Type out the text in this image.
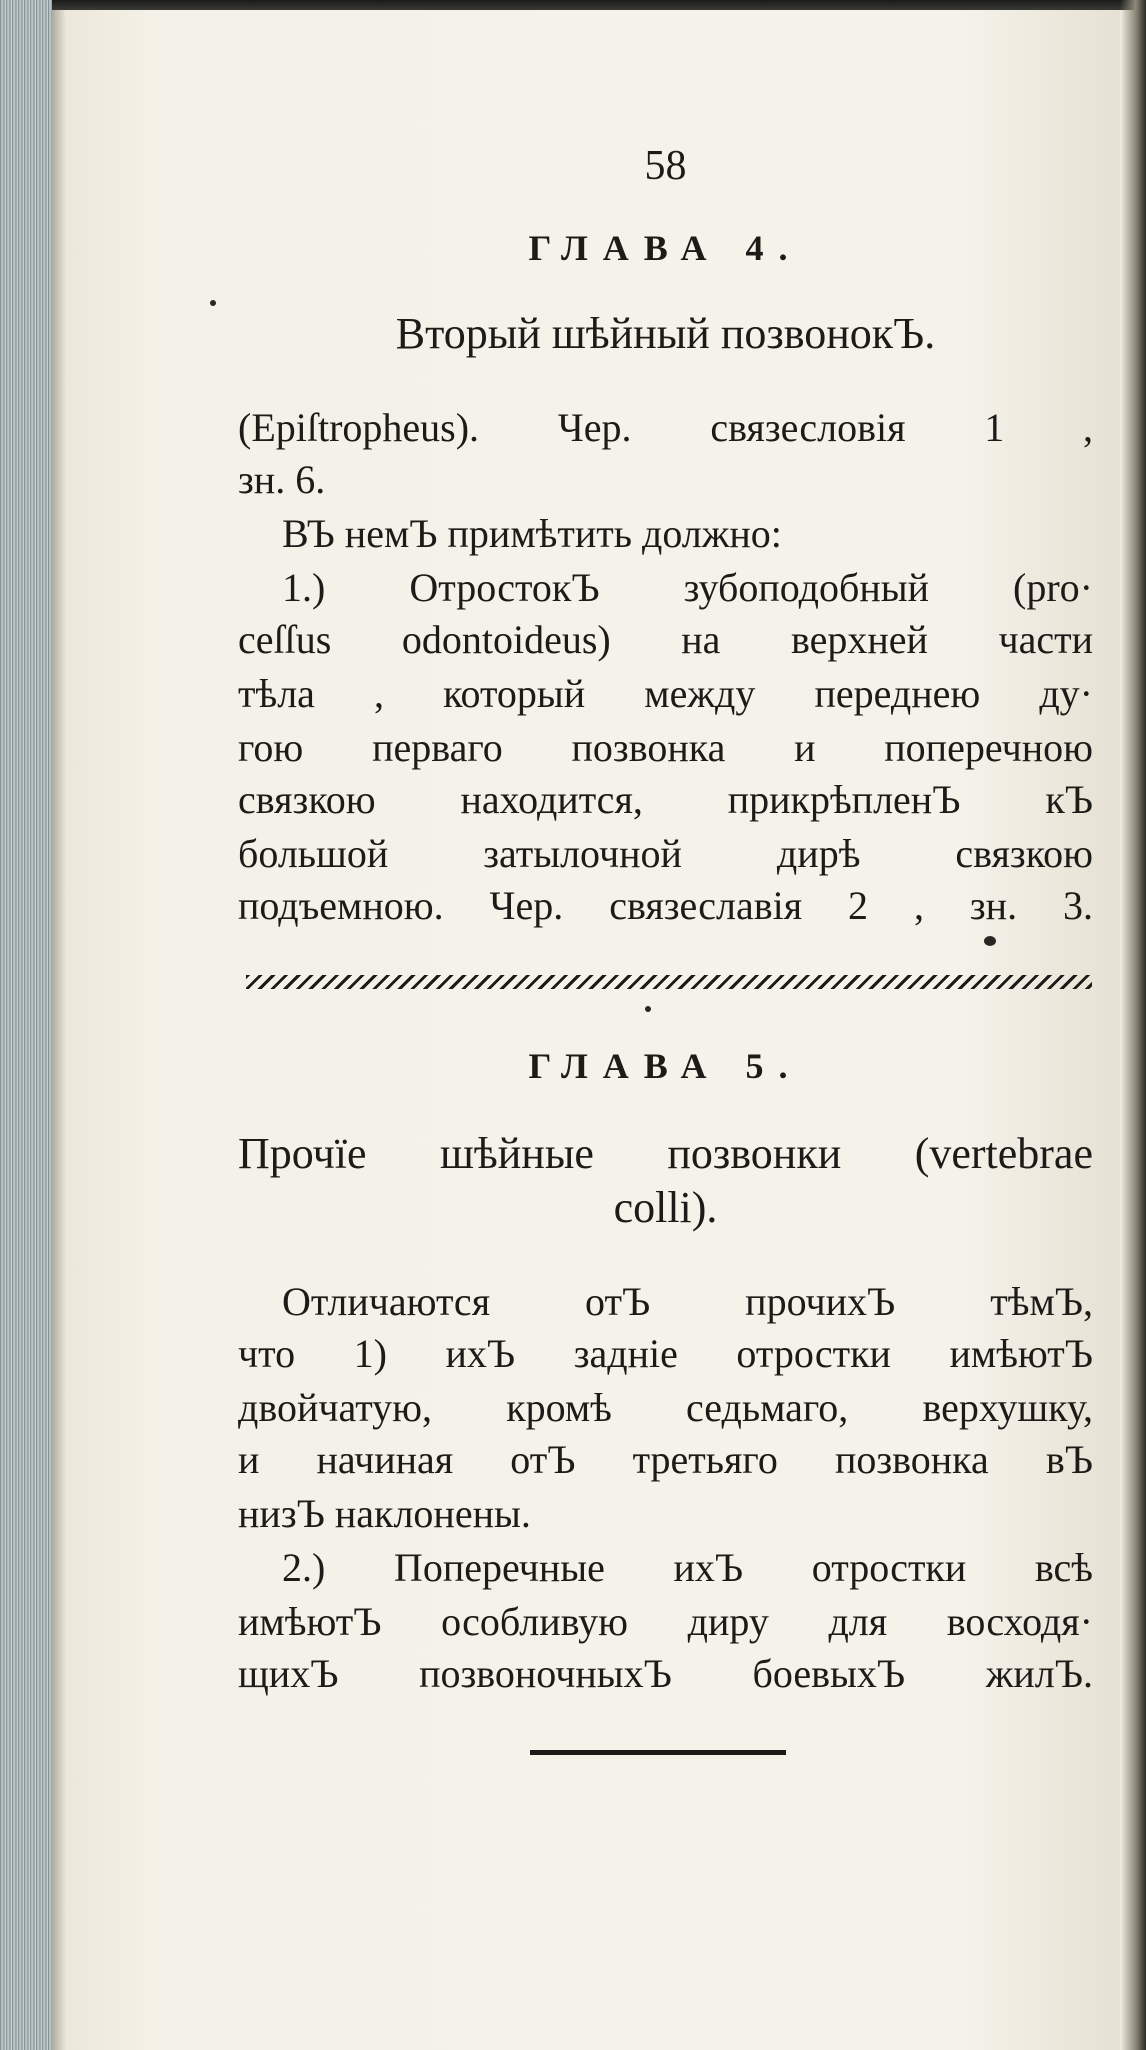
58
ГЛАВА 4.
Вторый шѣйный позвонокЪ.
(Epiſtropheus). Чер. связесловія 1 ,
зн. 6.
ВЪ немЪ примѣтить должно:
1.) ОтростокЪ зубоподобный (pro·
ceſſus odontoideus) на верхней части
тѣла , который между переднею ду·
гою перваго позвонка и поперечною
связкою находится, прикрѣпленЪ кЪ
большой затылочной дирѣ связкою
подъемною. Чер. связеславія 2 , зн. 3.
ГЛАВА 5.
Прочїе шѣйные позвонки (vertebrae
colli).
Отличаются отЪ прочихЪ тѣмЪ,
что 1) ихЪ задніе отростки имѣютЪ
двойчатую, кромѣ седьмаго, верхушку,
и начиная отЪ третьяго позвонка вЪ
низЪ наклонены.
2.) Поперечные ихЪ отростки всѣ
имѣютЪ особливую диру для восходя·
щихЪ позвоночныхЪ боевыхЪ жилЪ.
